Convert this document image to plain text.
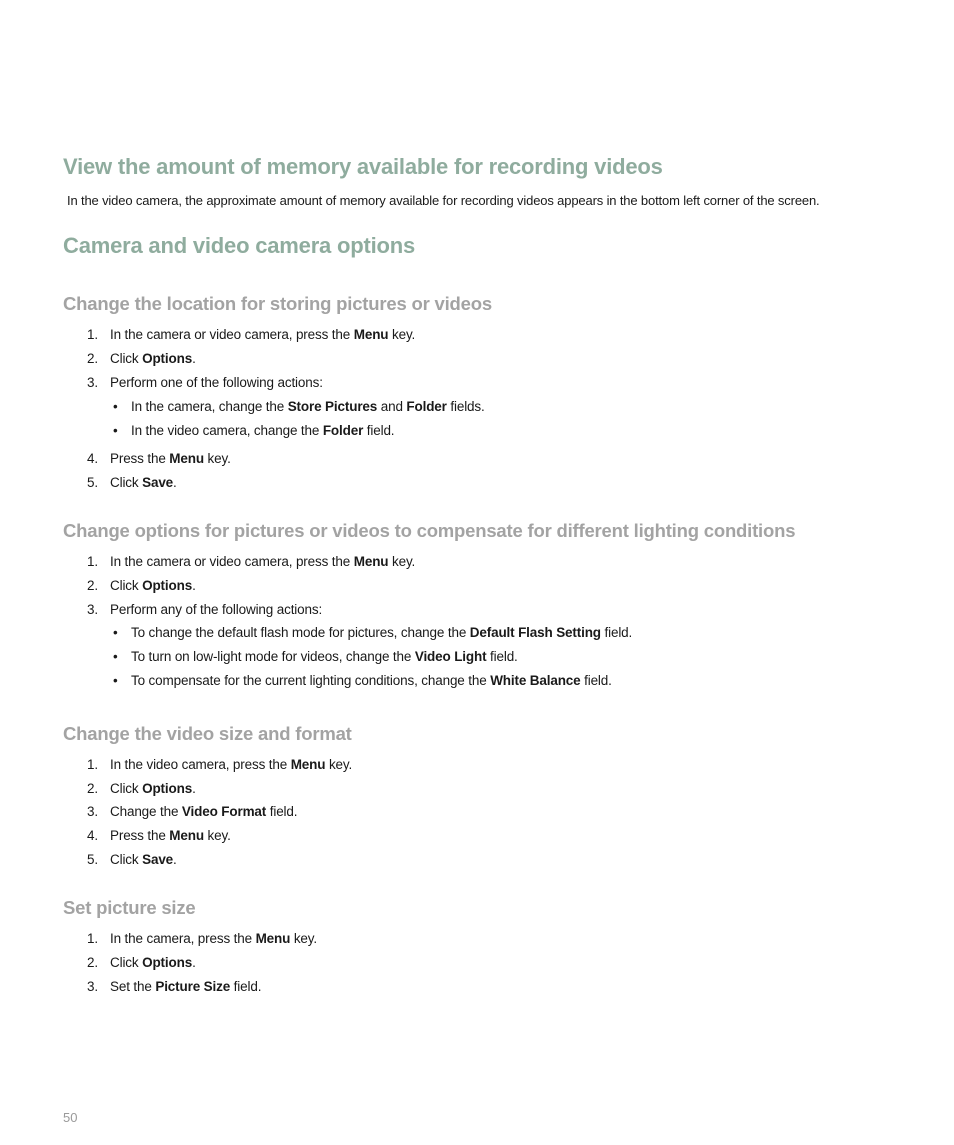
View the amount of memory available for recording videos

In the video camera, the approximate amount of memory available for recording videos appears in the bottom left corner of the screen.

Camera and video camera options
Change the location for storing pictures or videos
1. In the camera or video camera, press the Menu key.
2. Click Options.
3. Perform one of the following actions:
• In the camera, change the Store Pictures and Folder fields.
• In the video camera, change the Folder field.
4. Press the Menu key.
5. Click Save.
Change options for pictures or videos to compensate for different lighting conditions
1. In the camera or video camera, press the Menu key.
2. Click Options.
3. Perform any of the following actions:
• To change the default flash mode for pictures, change the Default Flash Setting field.
• To turn on low-light mode for videos, change the Video Light field.
• To compensate for the current lighting conditions, change the White Balance field.
Change the video size and format
1. In the video camera, press the Menu key.
2. Click Options.
3. Change the Video Format field.
4. Press the Menu key.
5. Click Save.
Set picture size
1. In the camera, press the Menu key.
2. Click Options.
3. Set the Picture Size field.
50
